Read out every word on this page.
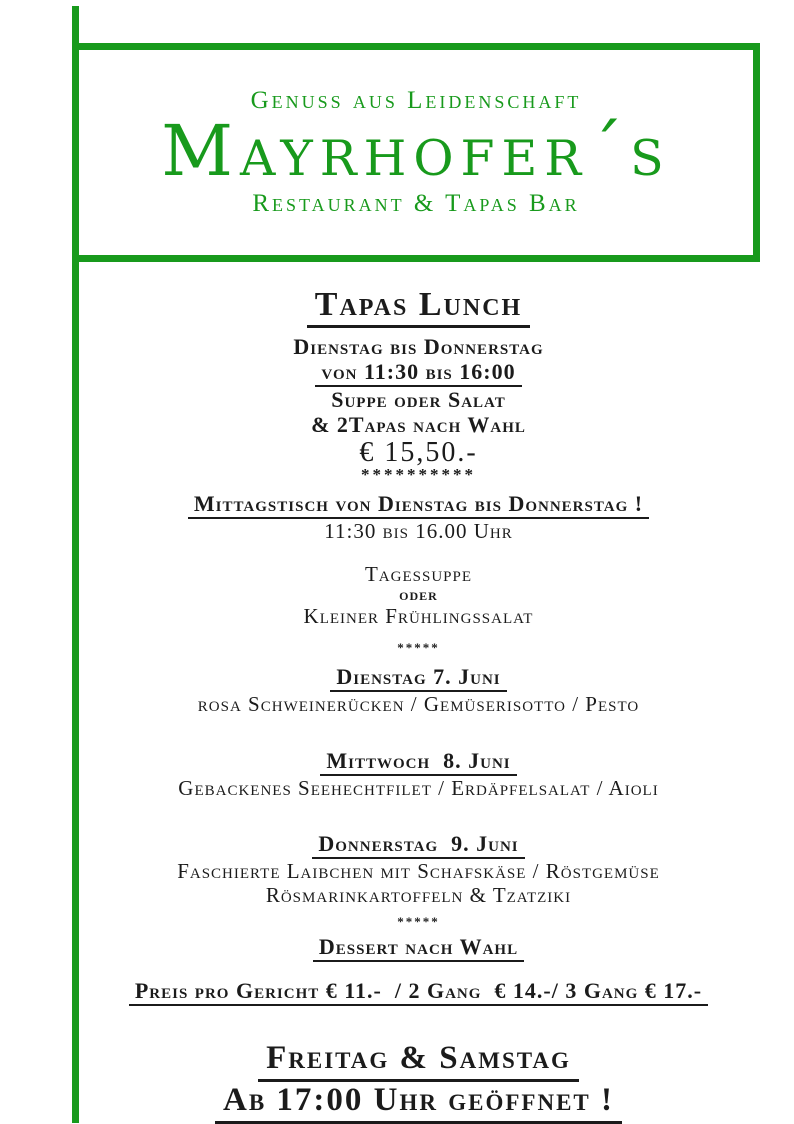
Genuss aus Leidenschaft
Mayrhofer´s
Restaurant & Tapas Bar
Tapas Lunch
Dienstag bis Donnerstag
von 11:30 bis 16:00
Suppe oder Salat
& 2Tapas nach Wahl
€ 15,50.-
**********
Mittagstisch von Dienstag bis Donnerstag !
11:30 bis 16.00 Uhr
Tagessuppe
oder
Kleiner Frühlingssalat
*****
Dienstag 7. Juni
rosa Schweinerücken / Gemüserisotto / Pesto
Mittwoch  8. Juni
Gebackenes Seehechtfilet / Erdäpfelsalat / Aioli
Donnerstag  9. Juni
Faschierte Laibchen mit Schafskäse / Röstgemüse
Rösmarinkartoffeln & Tzatziki
*****
Dessert nach Wahl
Preis pro Gericht € 11.-  / 2 Gang  € 14.-/ 3 Gang € 17.-
Freitag & Samstag
Ab 17:00 Uhr geöffnet !
